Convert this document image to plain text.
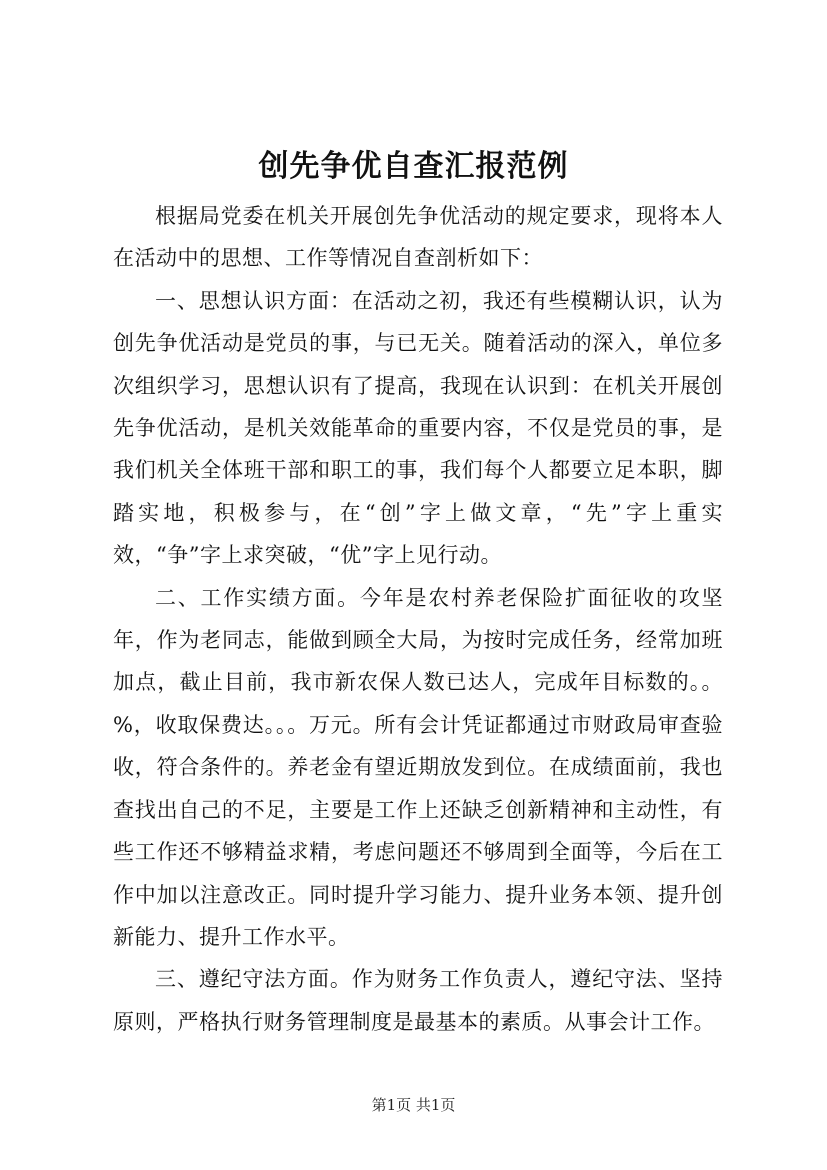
创先争优自查汇报范例

根据局党委在机关开展创先争优活动的规定要求，现将本人在活动中的思想、工作等情况自查剖析如下：

一、思想认识方面：在活动之初，我还有些模糊认识，认为创先争优活动是党员的事，与已无关。随着活动的深入，单位多次组织学习，思想认识有了提高，我现在认识到：在机关开展创先争优活动，是机关效能革命的重要内容，不仅是党员的事，是我们机关全体班干部和职工的事，我们每个人都要立足本职，脚踏实地，积极参与，在“创”字上做文章，“先”字上重实效，“争”字上求突破，“优”字上见行动。

二、工作实绩方面。今年是农村养老保险扩面征收的攻坚年，作为老同志，能做到顾全大局，为按时完成任务，经常加班加点，截止目前，我市新农保人数已达人，完成年目标数的。。%，收取保费达。。。万元。所有会计凭证都通过市财政局审查验收，符合条件的。养老金有望近期放发到位。在成绩面前，我也查找出自己的不足，主要是工作上还缺乏创新精神和主动性，有些工作还不够精益求精，考虑问题还不够周到全面等，今后在工作中加以注意改正。同时提升学习能力、提升业务本领、提升创新能力、提升工作水平。

三、遵纪守法方面。作为财务工作负责人，遵纪守法、坚持原则，严格执行财务管理制度是最基本的素质。从事会计工作。

第1页 共1页
